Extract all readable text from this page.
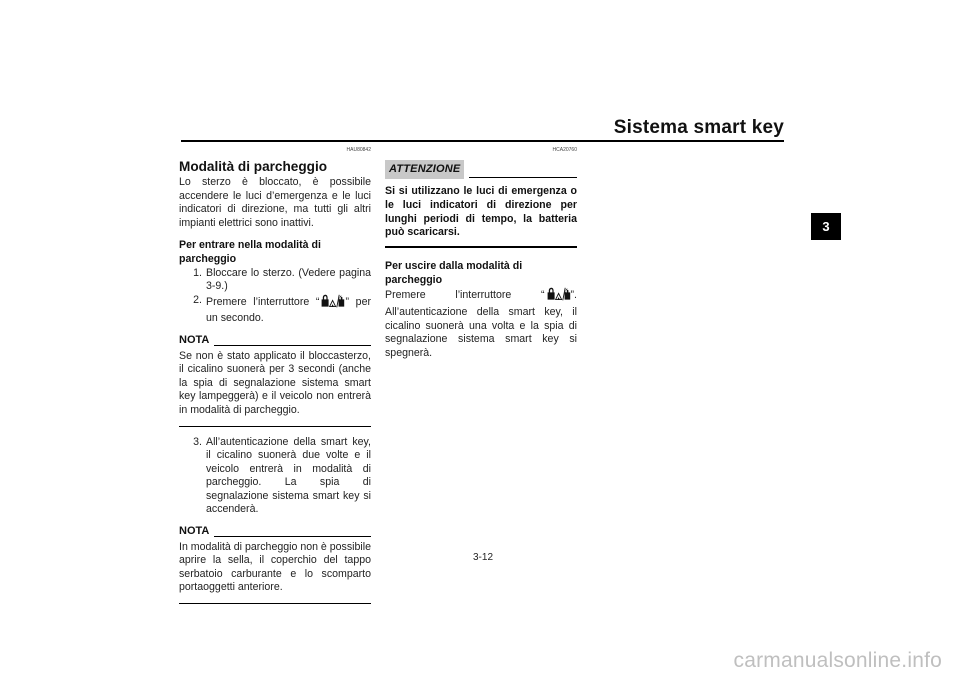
Sistema smart key
3
HAU80842
Modalità di parcheggio
Lo sterzo è bloccato, è possibile accendere le luci d’emergenza e le luci indicatori di direzione, ma tutti gli altri impianti elettrici sono inattivi.
Per entrare nella modalità di parcheggio
1. Bloccare lo sterzo. (Vedere pagina 3-9.)
2. Premere l’interruttore “ ” per un secondo.
NOTA
Se non è stato applicato il bloccasterzo, il cicalino suonerà per 3 secondi (anche la spia di segnalazione sistema smart key lampeggerà) e il veicolo non entrerà in modalità di parcheggio.
3. All’autenticazione della smart key, il cicalino suonerà due volte e il veicolo entrerà in modalità di parcheggio. La spia di segnalazione sistema smart key si accenderà.
NOTA
In modalità di parcheggio non è possibile aprire la sella, il coperchio del tappo serbatoio carburante e lo scomparto portaoggetti anteriore.
HCA20760
ATTENZIONE
Si si utilizzano le luci di emergenza o le luci indicatori di direzione per lunghi periodi di tempo, la batteria può scaricarsi.
Per uscire dalla modalità di parcheggio
Premere l’interruttore “ ”. All’autenticazione della smart key, il cicalino suonerà una volta e la spia di segnalazione sistema smart key si spegnerà.
3-12
carmanualsonline.info
